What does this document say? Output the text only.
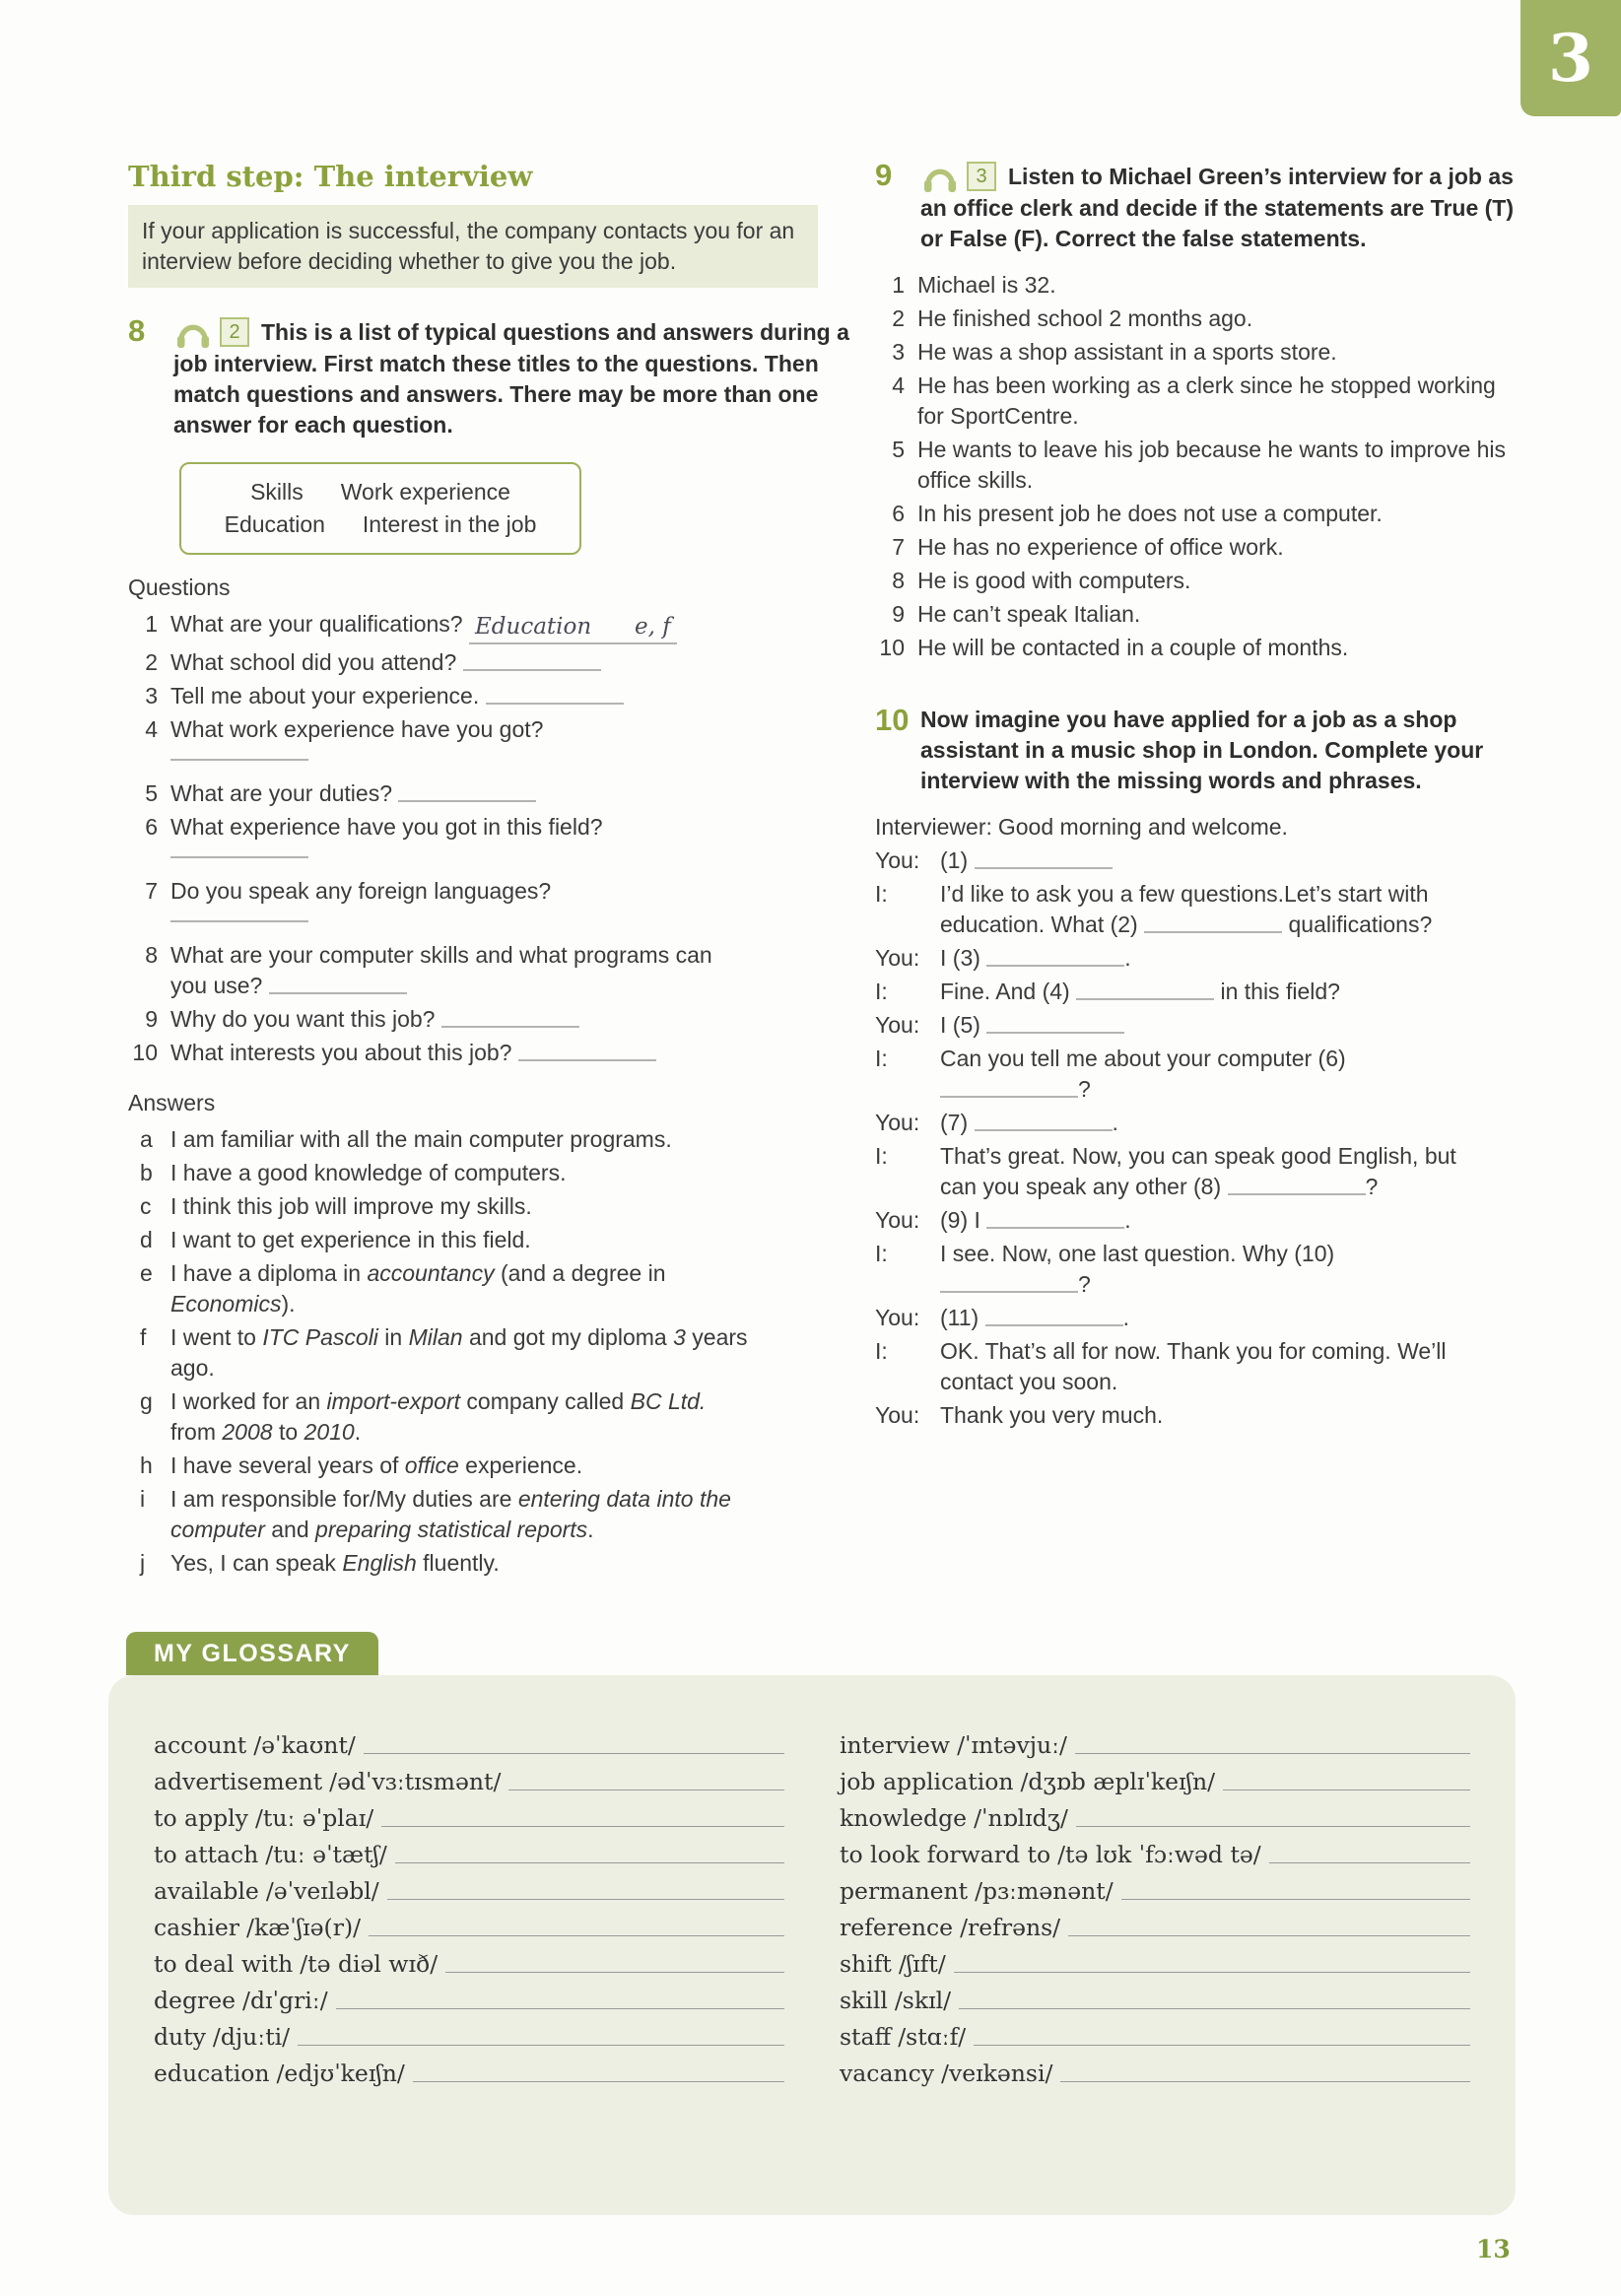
3
Third step: The interview
If your application is successful, the company contacts you for an interview before deciding whether to give you the job.
8	2 This is a list of typical questions and answers during a job interview. First match these titles to the questions. Then match questions and answers. There may be more than one answer for each question.
Skills Work experience
Education Interest in the job
Questions
1 What are your qualifications? Education      e, f
2 What school did you attend?
3 Tell me about your experience.
4 What work experience have you got?
5 What are your duties?
6 What experience have you got in this field?
7 Do you speak any foreign languages?
8 What are your computer skills and what programs can you use?
9 Why do you want this job?
10 What interests you about this job?
Answers
a I am familiar with all the main computer programs.
b I have a good knowledge of computers.
c I think this job will improve my skills.
d I want to get experience in this field.
e I have a diploma in accountancy (and a degree in Economics).
f	I went to ITC Pascoli in Milan and got my diploma 3 years ago.
g I worked for an import-export company called BC Ltd. from 2008 to 2010.
h I have several years of office experience.
i	I am responsible for/My duties are entering data into the computer and preparing statistical reports.
j	Yes, I can speak English fluently.
9	3 Listen to Michael Green’s interview for a job as an office clerk and decide if the statements are True (T) or False (F). Correct the false statements.
1 Michael is 32.
2 He finished school 2 months ago.
3 He was a shop assistant in a sports store.
4 He has been working as a clerk since he stopped working for SportCentre.
5 He wants to leave his job because he wants to improve his office skills.
6 In his present job he does not use a computer.
7 He has no experience of office work.
8 He is good with computers.
9 He can’t speak Italian.
10 He will be contacted in a couple of months.
10 Now imagine you have applied for a job as a shop assistant in a music shop in London. Complete your interview with the missing words and phrases.
Interviewer: Good morning and welcome.
You: (1)
I:	I’d like to ask you a few questions.Let’s start with education. What (2)	qualifications?
You: I (3)	.
I:	Fine. And (4)	in this field?
You: I (5)
I:	Can you tell me about your computer (6) ?
You: (7)	.
I:	That’s great. Now, you can speak good English, but can you speak any other (8)	?
You: (9) I	.
I:	I see. Now, one last question. Why (10) ?
You: (11)	.
I:	OK. That’s all for now. Thank you for coming. We’ll contact you soon.
You: Thank you very much.
MY GLOSSARY
account /əˈkaʊnt/
advertisement /ədˈvɜːtɪsmənt/
to apply /tuː əˈplaɪ/
to attach /tuː əˈtætʃ/
available /əˈveɪləbl/
cashier /kæˈʃɪə(r)/
to deal with /tə diəl wɪð/
degree /dɪˈgriː/
duty /djuːti/
education /edjʊˈkeɪʃn/
interview /ˈɪntəvjuː/
job application /dʒɒb æplɪˈkeɪʃn/
knowledge /ˈnɒlɪdʒ/
to look forward to /tə lʊk ˈfɔːwəd tə/
permanent /pɜːmənənt/
reference /refrəns/
shift /ʃɪft/
skill /skɪl/
staff /stɑːf/
vacancy /veɪkənsi/
13
